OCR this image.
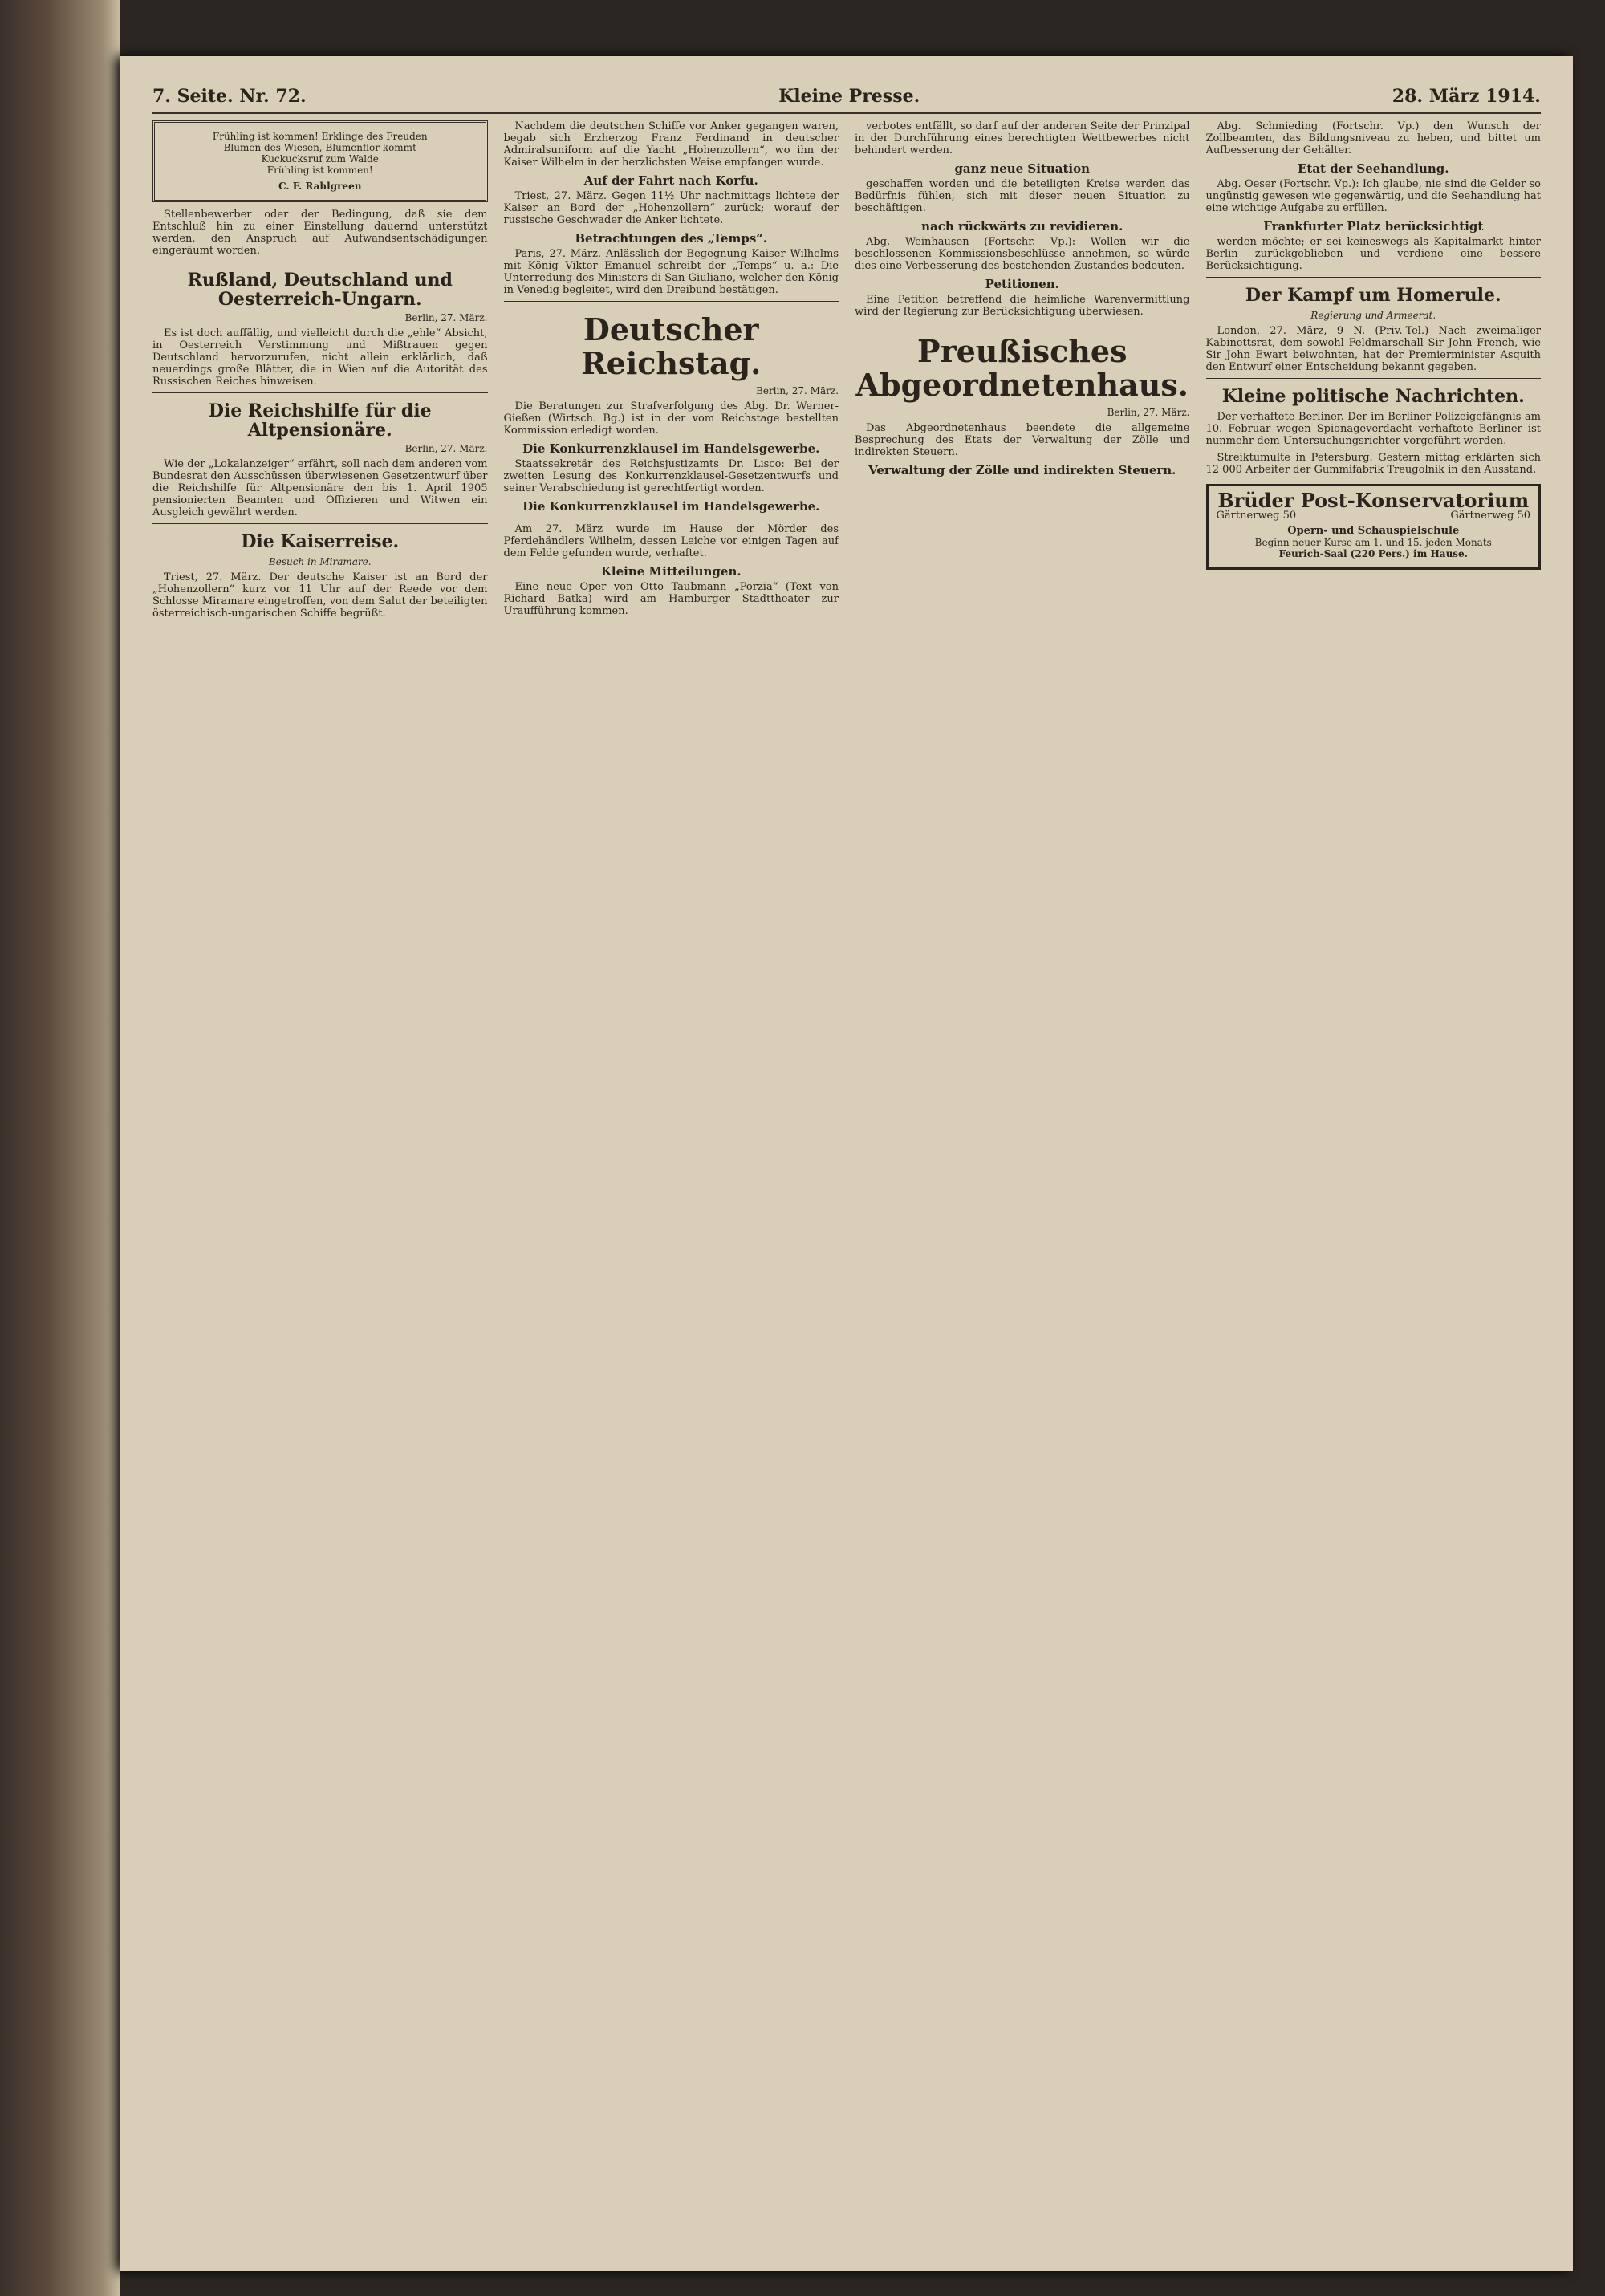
7. Seite. Nr. 72.	Kleine Presse.	28. März 1914.
Frühling ist kommen! Erklinge des Freuden
Blumen des Wiesen, Blumenflor kommt
Kuckucksruf zum Walde
Frühling ist kommen!
C. F. Rahlgreen

Stellenbewerber oder der Bedingung, daß sie dem Entschluß hin zu einer Einstellung dauernd unterstützt werden, den Anspruch auf Aufwandsentschädigungen eingeräumt worden.

Rußland, Deutschland und Oesterreich-Ungarn.
Berlin, 27. März.

Es ist doch auffällig, und vielleicht durch die „ehle“ Absicht, in Oesterreich Verstimmung und Mißtrauen gegen Deutschland hervorzurufen, nicht allein erklärlich, daß neuerdings große Blätter, die in Wien auf die Autorität des Russischen Reiches hinweisen.

Die Reichshilfe für die Altpensionäre.
Berlin, 27. März.

Wie der „Lokalanzeiger“ erfährt, soll nach dem anderen vom Bundesrat den Ausschüssen überwiesenen Gesetzentwurf über die Reichshilfe für Altpensionäre den bis 1. April 1905 pensionierten Beamten und Offizieren und Witwen ein Ausgleich gewährt werden.

Die Kaiserreise.
Besuch in Miramare.

Triest, 27. März. Der deutsche Kaiser ist an Bord der „Hohenzollern“ kurz vor 11 Uhr auf der Reede vor dem Schlosse Miramare eingetroffen, von dem Salut der beteiligten österreichisch-ungarischen Schiffe begrüßt.

Nachdem die deutschen Schiffe vor Anker gegangen waren, begab sich Erzherzog Franz Ferdinand in deutscher Admiralsuniform auf die Yacht „Hohenzollern“, wo ihn der Kaiser Wilhelm in der herzlichsten Weise empfangen wurde.

Auf der Fahrt nach Korfu.

Triest, 27. März. Gegen 11½ Uhr nachmittags lichtete der Kaiser an Bord der „Hohenzollern“ zurück; worauf der russische Geschwader die Anker lichtete.

Betrachtungen des „Temps“.

Paris, 27. März. Anlässlich der Begegnung Kaiser Wilhelms mit König Viktor Emanuel schreibt der „Temps“ u. a.: Die Unterredung des Ministers di San Giuliano, welcher den König in Venedig begleitet, wird den Dreibund bestätigen.

Deutscher Reichstag.
Berlin, 27. März.

Die Beratungen zur Strafverfolgung des Abg. Dr. Werner- Gießen (Wirtsch. Bg.) ist in der vom Reichstage bestellten Kommission erledigt worden.

Die Konkurrenzklausel im Handelsgewerbe.

Staatssekretär des Reichsjustizamts Dr. Lisco: Bei der zweiten Lesung des Konkurrenzklausel-Gesetzentwurfs und seiner Verabschiedung ist gerechtfertigt worden.

Die Konkurrenzklausel im Handelsgewerbe.

Am 27. März wurde im Hause der Mörder des Pferdehändlers Wilhelm, dessen Leiche vor einigen Tagen auf dem Felde gefunden wurde, verhaftet.

Kleine Mitteilungen.

Eine neue Oper von Otto Taubmann „Porzia“ (Text von Richard Batka) wird am Hamburger Stadttheater zur Uraufführung kommen.

verbotes entfällt, so darf auf der anderen Seite der Prinzipal in der Durchführung eines berechtigten Wettbewerbes nicht behindert werden.

ganz neue Situation

geschaffen worden und die beteiligten Kreise werden das Bedürfnis fühlen, sich mit dieser neuen Situation zu beschäftigen.

nach rückwärts zu revidieren.

Abg. Weinhausen (Fortschr. Vp.): Wollen wir die beschlossenen Kommissionsbeschlüsse annehmen, so würde dies eine Verbesserung des bestehenden Zustandes bedeuten.

Petitionen.

Eine Petition betreffend die heimliche Warenvermittlung wird der Regierung zur Berücksichtigung überwiesen.

Preußisches Abgeordnetenhaus.
Berlin, 27. März.

Das Abgeordnetenhaus beendete die allgemeine Besprechung des Etats der Verwaltung der Zölle und indirekten Steuern.

Verwaltung der Zölle und indirekten Steuern.

Abg. Schmieding (Fortschr. Vp.) den Wunsch der Zollbeamten, das Bildungsniveau zu heben, und bittet um Aufbesserung der Gehälter.

Etat der Seehandlung.

Abg. Oeser (Fortschr. Vp.): Ich glaube, nie sind die Gelder so ungünstig gewesen wie gegenwärtig, und die Seehandlung hat eine wichtige Aufgabe zu erfüllen.

Frankfurter Platz berücksichtigt

werden möchte; er sei keineswegs als Kapitalmarkt hinter Berlin zurückgeblieben und verdiene eine bessere Berücksichtigung.

Der Kampf um Homerule.
Regierung und Armeerat.

London, 27. März, 9 N. (Priv.-Tel.) Nach zweimaliger Kabinettsrat, dem sowohl Feldmarschall Sir John French, wie Sir John Ewart beiwohnten, hat der Premierminister Asquith den Entwurf einer Entscheidung bekannt gegeben.

Kleine politische Nachrichten.

Der verhaftete Berliner. Der im Berliner Polizeigefängnis am 10. Februar wegen Spionageverdacht verhaftete Berliner ist nunmehr dem Untersuchungsrichter vorgeführt worden.

Streiktumulte in Petersburg. Gestern mittag erklärten sich 12 000 Arbeiter der Gummifabrik Treugolnik in den Ausstand.

Brüder Post-Konservatorium
Gärtnerweg 50	Gärtnerweg 50
Opern- und Schauspielschule
Beginn neuer Kurse am 1. und 15. jeden Monats
Feurich-Saal (220 Pers.) im Hause.
